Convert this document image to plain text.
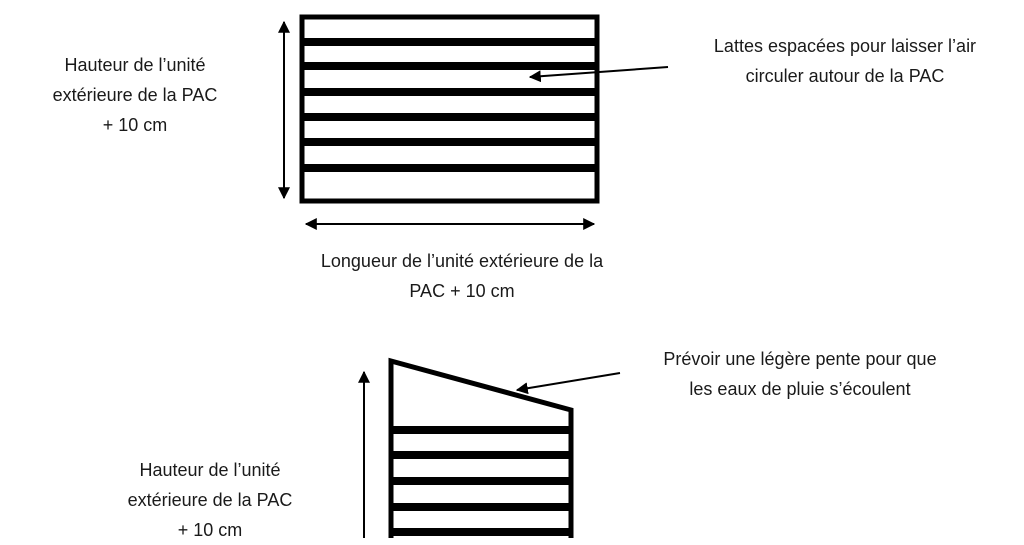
Hauteur de l’unité
extérieure de la PAC
+ 10 cm
Lattes espacées pour laisser l’air
circuler autour de la PAC
Longueur de l’unité extérieure de la
PAC + 10 cm
Prévoir une légère pente pour que
les eaux de pluie s’écoulent
Hauteur de l’unité
extérieure de la PAC
+ 10 cm
